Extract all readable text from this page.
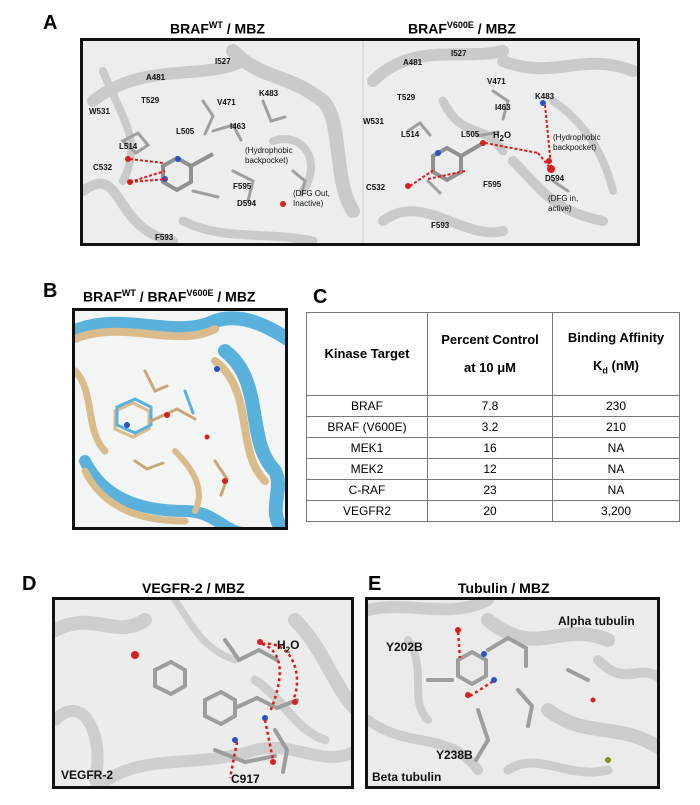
A	$BRAF^{WT}$ / MBZ	$BRAF^{V600E}$ / MBZ
I527
A481
T529
W531
V471
K483
L505
I463
L514	(Hydrophobic
backpocket)
C532
F595
(DFG Out,
Inactive)
D594
F593
I527
A481
V471
T529
I463
K483
W531
L514	L505 $H_2O$	(Hydrophobic
backpocket)
C532	F595
D594
(DFG in,
active)
F593
B $BRAF^{WT}$ / $BRAF^{V600E}$ / MBZ	C
Kinase Target	Percent Control
at 10 μM	Binding Affinity
$K_d$ (nM)

BRAF	7.8	230
BRAF (V600E)	3.2	210
MEK1	16	NA
MEK2	12	NA
C-RAF	23	NA
VEGFR2	20	3,200
D	VEGFR-2 / MBZ
$H_2O$
VEGFR-2	C917
E	Tubulin / MBZ
Alpha tubulin
Y202B
Y238B
Beta tubulin
